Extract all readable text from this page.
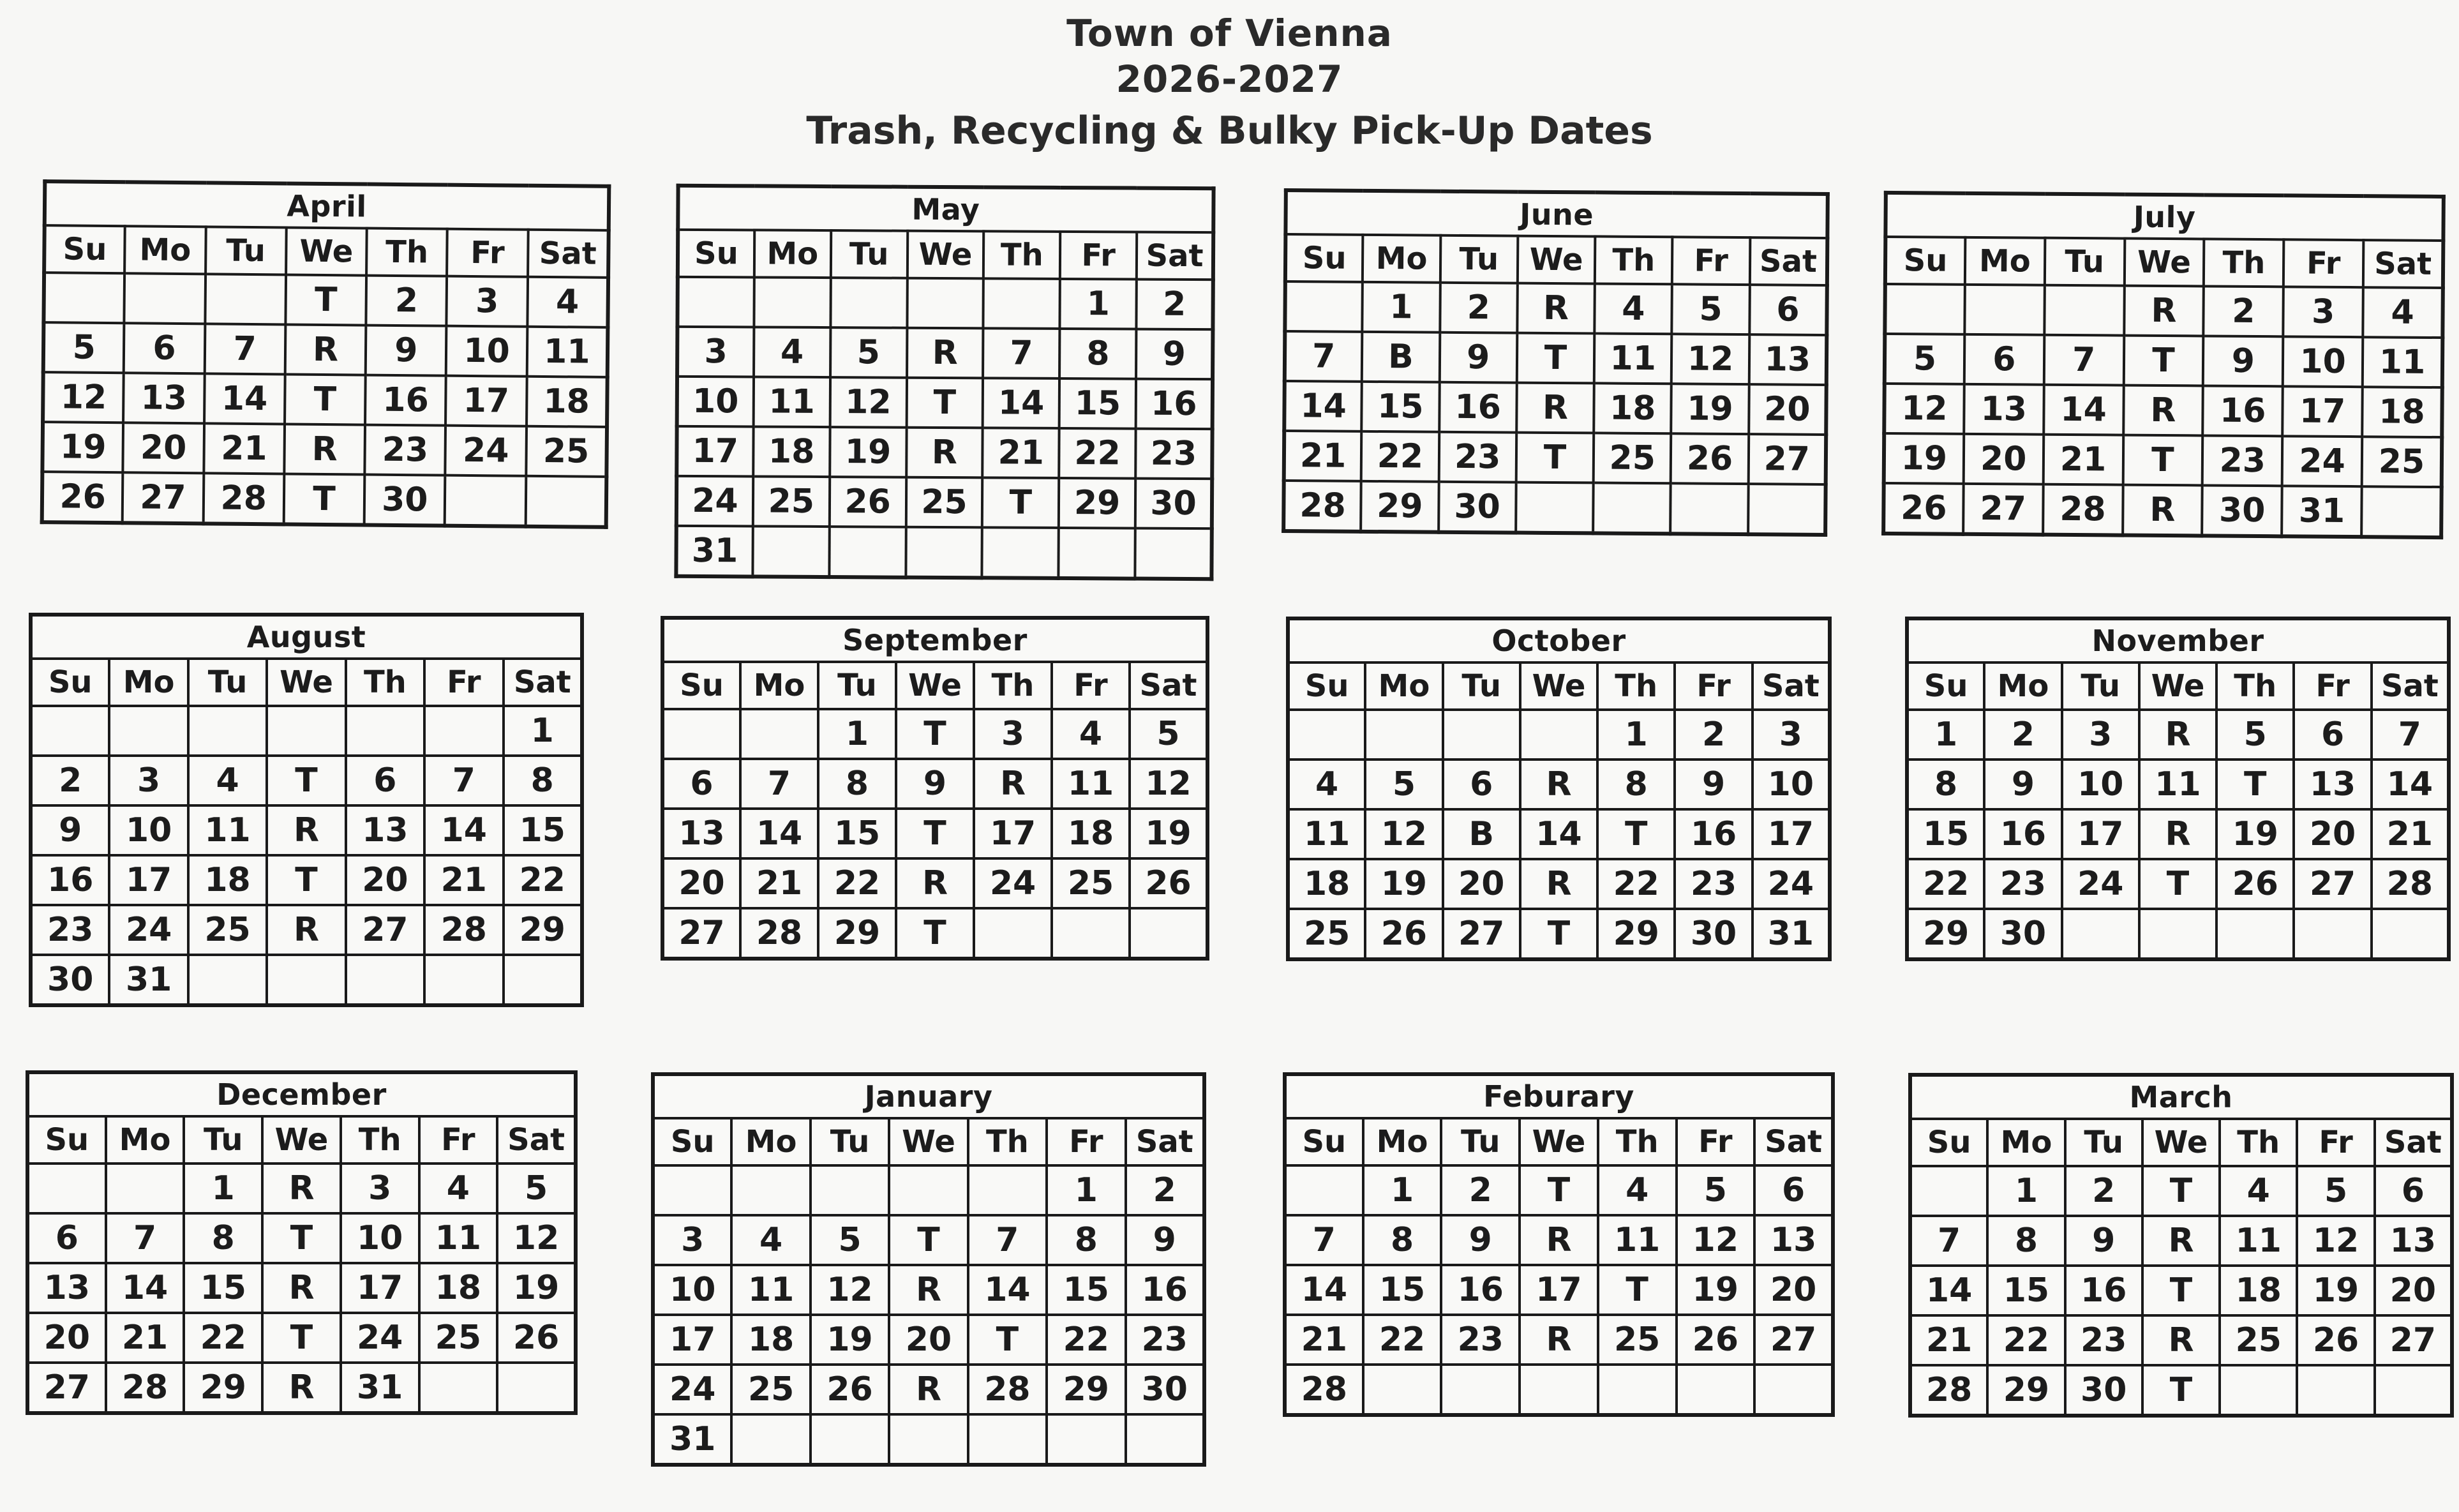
Town of Vienna
2026-2027
Trash, Recycling & Bulky Pick-Up Dates
April						
Su	Mo	Tu	We	Th	Fr	Sat
			T	2	3	4
5	6	7	R	9	10	11
12	13	14	T	16	17	18
19	20	21	R	23	24	25
26	27	28	T	30		
May						
Su	Mo	Tu	We	Th	Fr	Sat
					1	2
3	4	5	R	7	8	9
10	11	12	T	14	15	16
17	18	19	R	21	22	23
24	25	26	25	T	29	30
31						
June						
Su	Mo	Tu	We	Th	Fr	Sat
	1	2	R	4	5	6
7	B	9	T	11	12	13
14	15	16	R	18	19	20
21	22	23	T	25	26	27
28	29	30				
July						
Su	Mo	Tu	We	Th	Fr	Sat
			R	2	3	4
5	6	7	T	9	10	11
12	13	14	R	16	17	18
19	20	21	T	23	24	25
26	27	28	R	30	31	
August						
Su	Mo	Tu	We	Th	Fr	Sat
						1
2	3	4	T	6	7	8
9	10	11	R	13	14	15
16	17	18	T	20	21	22
23	24	25	R	27	28	29
30	31					
September						
Su	Mo	Tu	We	Th	Fr	Sat
		1	T	3	4	5
6	7	8	9	R	11	12
13	14	15	T	17	18	19
20	21	22	R	24	25	26
27	28	29	T			
October						
Su	Mo	Tu	We	Th	Fr	Sat
				1	2	3
4	5	6	R	8	9	10
11	12	B	14	T	16	17
18	19	20	R	22	23	24
25	26	27	T	29	30	31
November						
Su	Mo	Tu	We	Th	Fr	Sat
1	2	3	R	5	6	7
8	9	10	11	T	13	14
15	16	17	R	19	20	21
22	23	24	T	26	27	28
29	30					
December						
Su	Mo	Tu	We	Th	Fr	Sat
		1	R	3	4	5
6	7	8	T	10	11	12
13	14	15	R	17	18	19
20	21	22	T	24	25	26
27	28	29	R	31		
January						
Su	Mo	Tu	We	Th	Fr	Sat
					1	2
3	4	5	T	7	8	9
10	11	12	R	14	15	16
17	18	19	20	T	22	23
24	25	26	R	28	29	30
31						
Feburary						
Su	Mo	Tu	We	Th	Fr	Sat
	1	2	T	4	5	6
7	8	9	R	11	12	13
14	15	16	17	T	19	20
21	22	23	R	25	26	27
28						
March						
Su	Mo	Tu	We	Th	Fr	Sat
	1	2	T	4	5	6
7	8	9	R	11	12	13
14	15	16	T	18	19	20
21	22	23	R	25	26	27
28	29	30	T			
